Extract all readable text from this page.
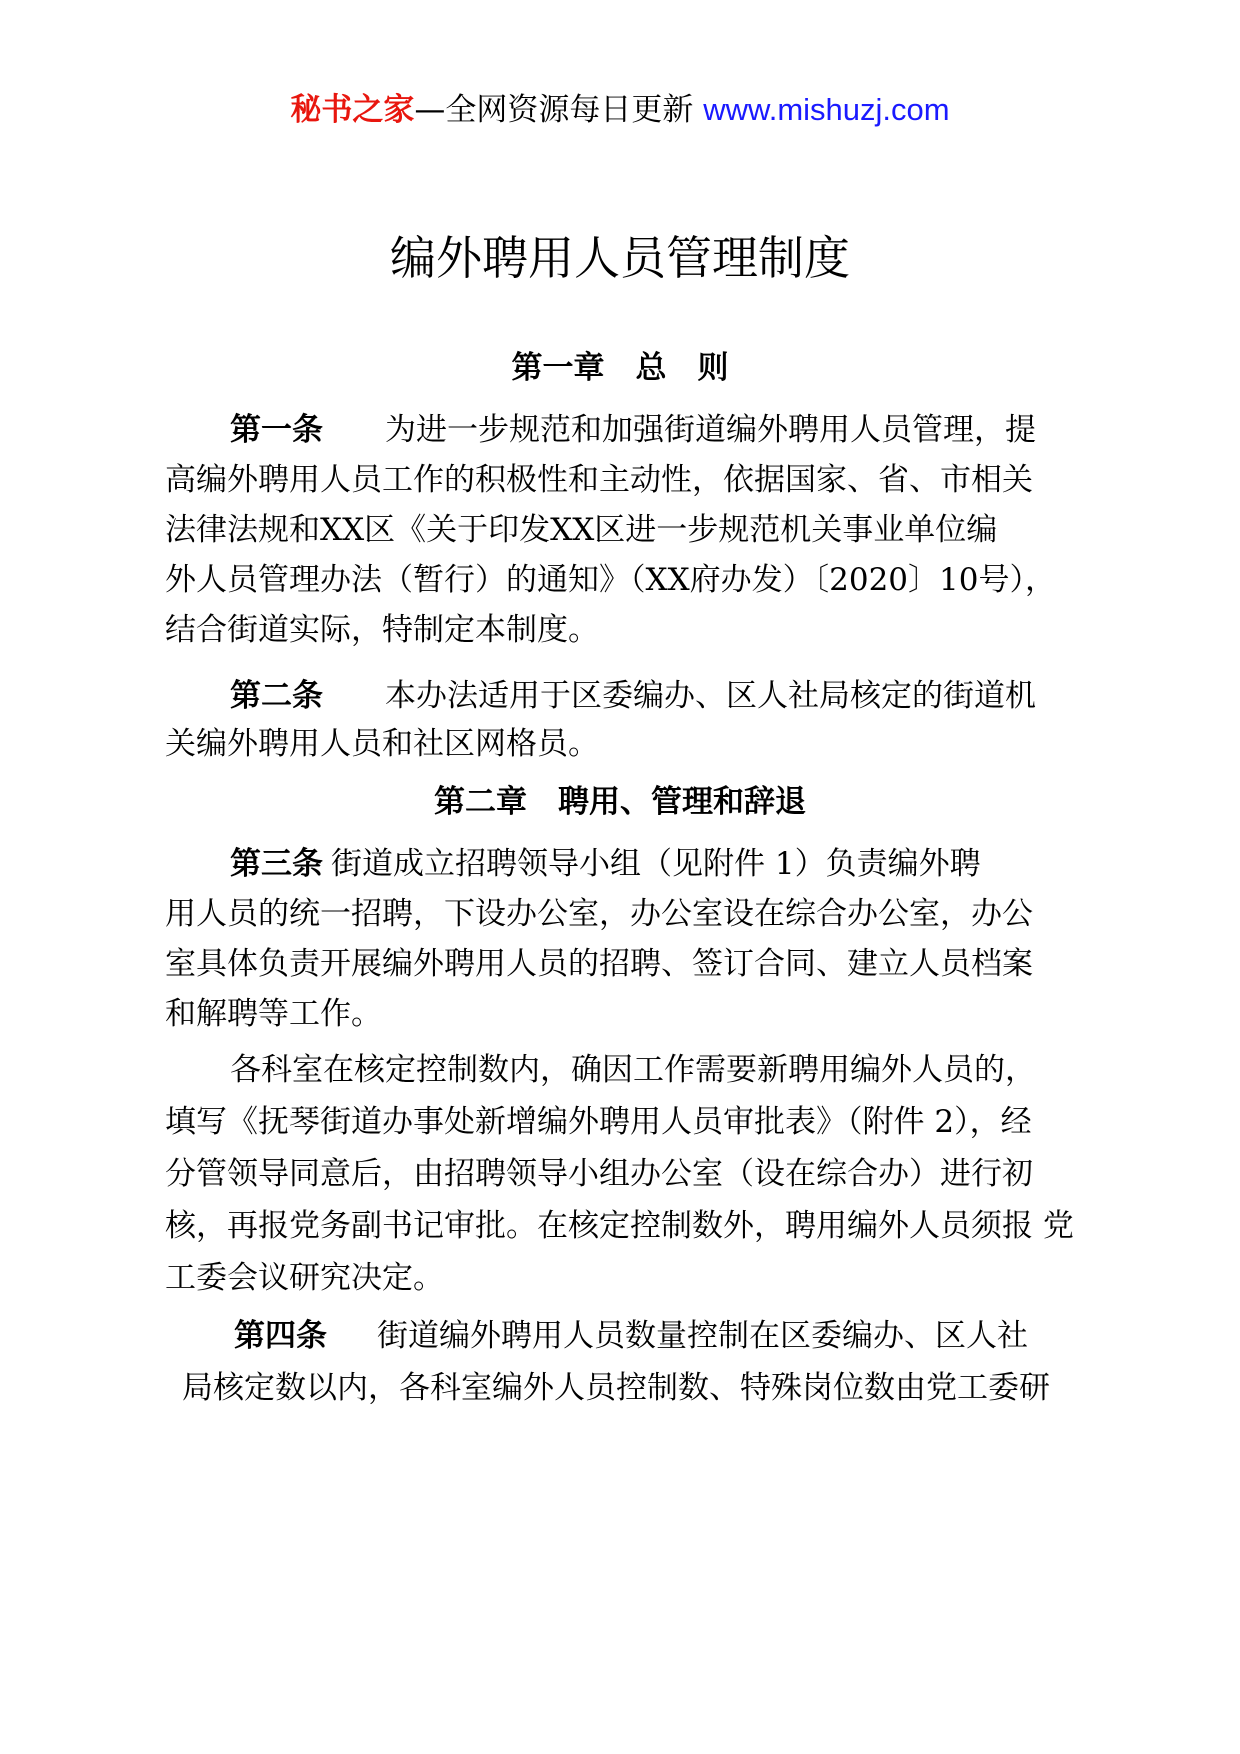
秘书之家—全网资源每日更新 www.mishuzj.com
编外聘用人员管理制度
第一章　总　则
第一条 为进一步规范和加强街道编外聘用人员管理，提
高编外聘用人员工作的积极性和主动性，依据国家、省、市相关
法律法规和XX区《关于印发XX区进一步规范机关事业单位编
外人员管理办法（暂行）的通知》（XX府办发）〔2020〕10号），
结合街道实际，特制定本制度。
第二条 本办法适用于区委编办、区人社局核定的街道机
关编外聘用人员和社区网格员。
第二章　聘用、管理和辞退
第三条 街道成立招聘领导小组（见附件 1）负责编外聘
用人员的统一招聘，下设办公室，办公室设在综合办公室，办公
室具体负责开展编外聘用人员的招聘、签订合同、建立人员档案
和解聘等工作。
各科室在核定控制数内，确因工作需要新聘用编外人员的，
填写《抚琴街道办事处新增编外聘用人员审批表》（附件 2），经
分管领导同意后，由招聘领导小组办公室（设在综合办）进行初
核，再报党务副书记审批。在核定控制数外，聘用编外人员须报 党
工委会议研究决定。
第四条 街道编外聘用人员数量控制在区委编办、区人社
局核定数以内，各科室编外人员控制数、特殊岗位数由党工委研
